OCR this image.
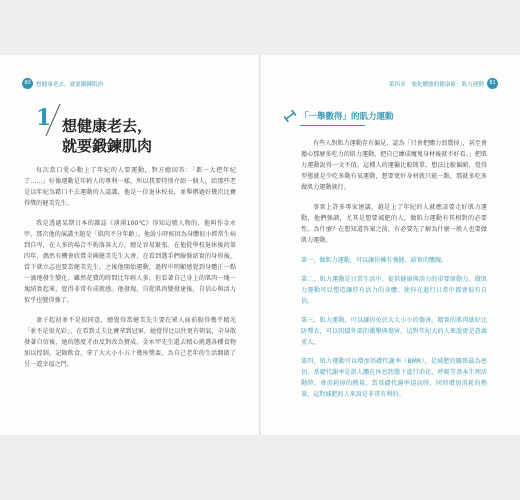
80 想健康老去，就要鍛鍊肌肉	第四章　強化體態的健康術：肌力運動 81
1 想健康老去，
就要鍛鍊肌肉

每次當口愛心動上了年紀的人要運動，對方總回答：「都一大把年紀了……」好像運動是年輕人的專利一樣。所以我要特別介紹一個人，給那些老是以年紀為藉口不去運動的人認識，他是一位退休校長，並舉辦過好幾次比賽得獎的健美先生。

我是透過某期日本的雜誌《湧湧100℃》得知這號人物的，他叫作金永甲，那次他的演講主題是「肌肉不分年齡」。他說小時候因為身體很小經常生病到自卑，在人多的場合不夠落落大方，總是容易緊張。在他從學校退休後的第四年，偶然有機會欣賞全國健美先生大會，在看到選手們線條結實的身形後，當下就立志也要當健美先生。之後他開始運動，過程中明顯感覺到身體正一點一滴地發生變化。雖然花費的時間比年輕人多，但看著自己身上的肌肉一塊一塊結實起來，覺得非常有成就感。他發現，自從肌肉變發達後，自信心與活力似乎也變得強了。

妻子起初並不是很同意，總覺得當健美先生要在眾人面前脫得幾乎精光「並不是很光彩」，在看到丈夫比賽拿到冠軍，她覺得比以往更有朝氣，全身散發著自信後，她的態度才由反對改為贊成。金永甲先生還去精心挑選各種食物加以控制，記錄飲食，拿了大大小小五十幾座獎盃，為自己老年的生活開啟了另一道幸福之門。

「一舉數得」的肌力運動

有些人對肌力運動存有偏見，認為「只會把體力浪費掉」，甚至會擔心那麼多吃力的肌力運動，把自己練成魔鬼身材後就不好看。」把肌力運動說得一文不值。這種人的運輸比較簡單，想法比較偏頗，覺得型態就是少吃多動有氧運動，想要更好身材就只能一點，那就多吃多做肌力運動就行。

事實上許多專家建議，越是上了年紀的人就應該要走好肌力運動，他們強調，尤其是想要減肥的人，做肌力運動有其相對的必要性。為什麼？在想知道答案之前，有必要先了解為什麼一般人也要做肌力運動。

第一，做肌力運動，可以讓你擁有強健、結實的體魄。

第二，肌力運動是日常生活中、提供健康與活力的重要原動力。做肌力運動可以塑造讓厚有活力的身體，使你在進行日常中都會很有自信。

第三，肌力運動，可以讓你免於大大小小的傷害。精實的肌肉就好比防彈衣，可以阻擋外部的衝擊與傷害，這對年紀大的人來說更是意義重大。

第四，肌力運動可以增加基礎代謝率（BMR），是減肥的關係最為密切。基礎代謝率是指人體在休息狀態下進行消化、呼吸等基本生理活動時，會消耗掉的熱量。當基礎代謝率提高時，同時增加消耗的熱量，這對減肥的人來說是非常有利的。
